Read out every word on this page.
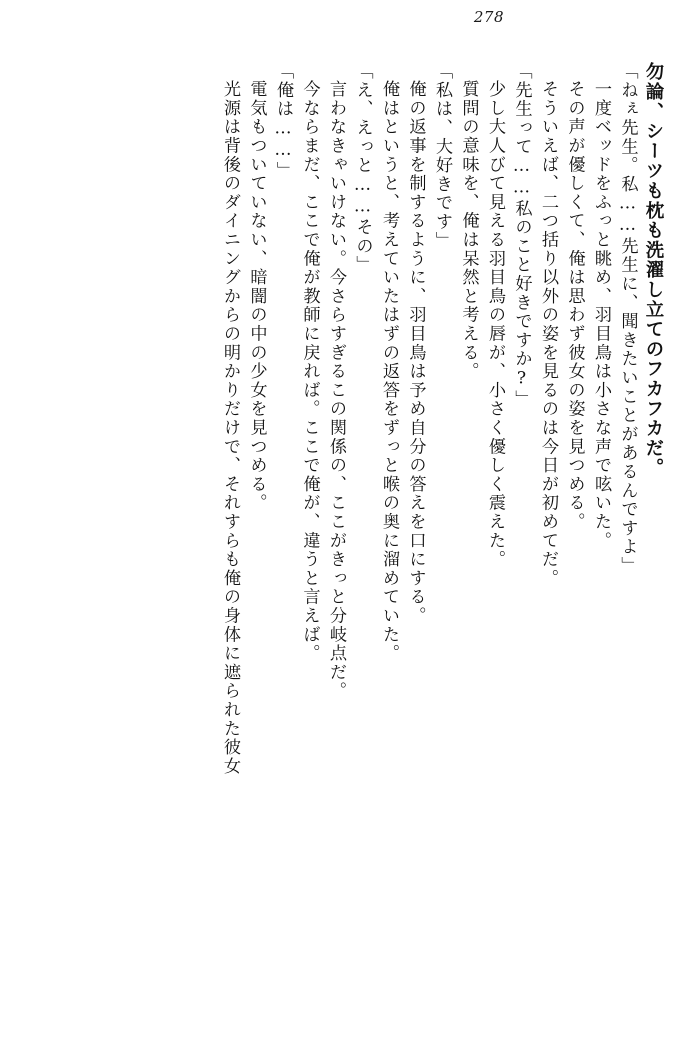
278
勿論、シーツも枕も洗濯し立てのフカフカだ。
「ねぇ先生。私……先生に、聞きたいことがあるんですよ」
一度ベッドをふっと眺め、羽目鳥は小さな声で呟いた。
その声が優しくて、俺は思わず彼女の姿を見つめる。
そういえば、二つ括り以外の姿を見るのは今日が初めてだ。
「先生って……私のこと好きですか?」
少し大人びて見える羽目鳥の唇が、小さく優しく震えた。
質問の意味を、俺は呆然と考える。
「私は、大好きです」
俺の返事を制するように、羽目鳥は予め自分の答えを口にする。
俺はというと、考えていたはずの返答をずっと喉の奥に溜めていた。
「え、えっと……その」
言わなきゃいけない。今さらすぎるこの関係の、ここがきっと分岐点だ。
今ならまだ、ここで俺が教師に戻れば。ここで俺が、違うと言えば。
「俺は……」
電気もついていない、暗闇の中の少女を見つめる。
光源は背後のダイニングからの明かりだけで、それすらも俺の身体に遮られた彼女
